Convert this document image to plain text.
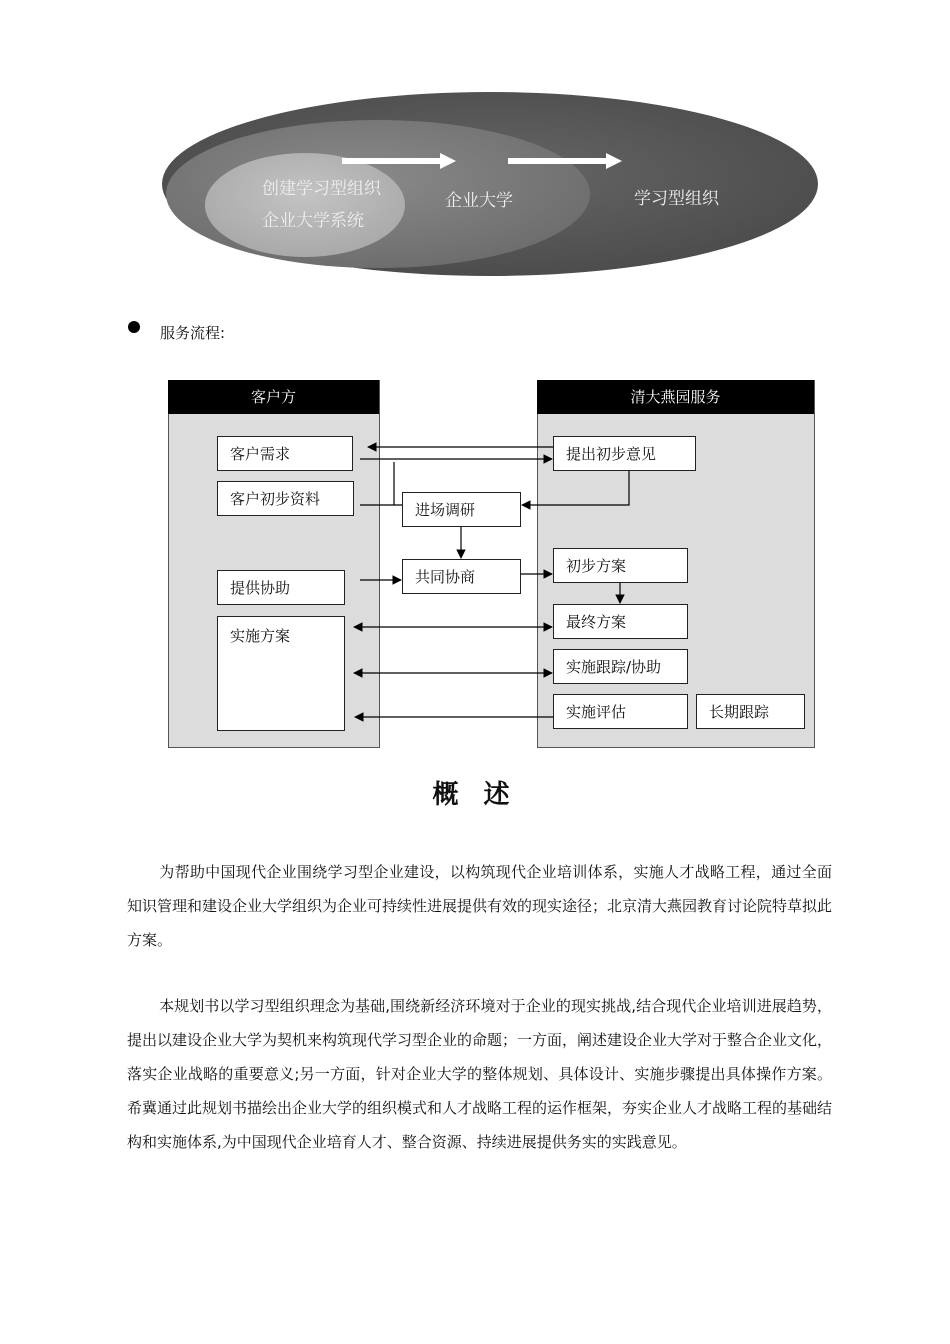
创建学习型组织
企业大学系统
企业大学	学习型组织
服务流程:
客户方	清大燕园服务
客户需求
客户初步资料
提供协助
实施方案
进场调研
共同协商
提出初步意见
初步方案
最终方案
实施跟踪/协助
实施评估	长期跟踪
概 述

为帮助中国现代企业围绕学习型企业建设，以构筑现代企业培训体系，实施人才战略工程，通过全面知识管理和建设企业大学组织为企业可持续性进展提供有效的现实途径；北京清大燕园教育讨论院特草拟此方案。

本规划书以学习型组织理念为基础,围绕新经济环境对于企业的现实挑战,结合现代企业培训进展趋势，提出以建设企业大学为契机来构筑现代学习型企业的命题；一方面，阐述建设企业大学对于整合企业文化，落实企业战略的重要意义;另一方面，针对企业大学的整体规划、具体设计、实施步骤提出具体操作方案。希冀通过此规划书描绘出企业大学的组织模式和人才战略工程的运作框架，夯实企业人才战略工程的基础结构和实施体系,为中国现代企业培育人才、整合资源、持续进展提供务实的实践意见。
